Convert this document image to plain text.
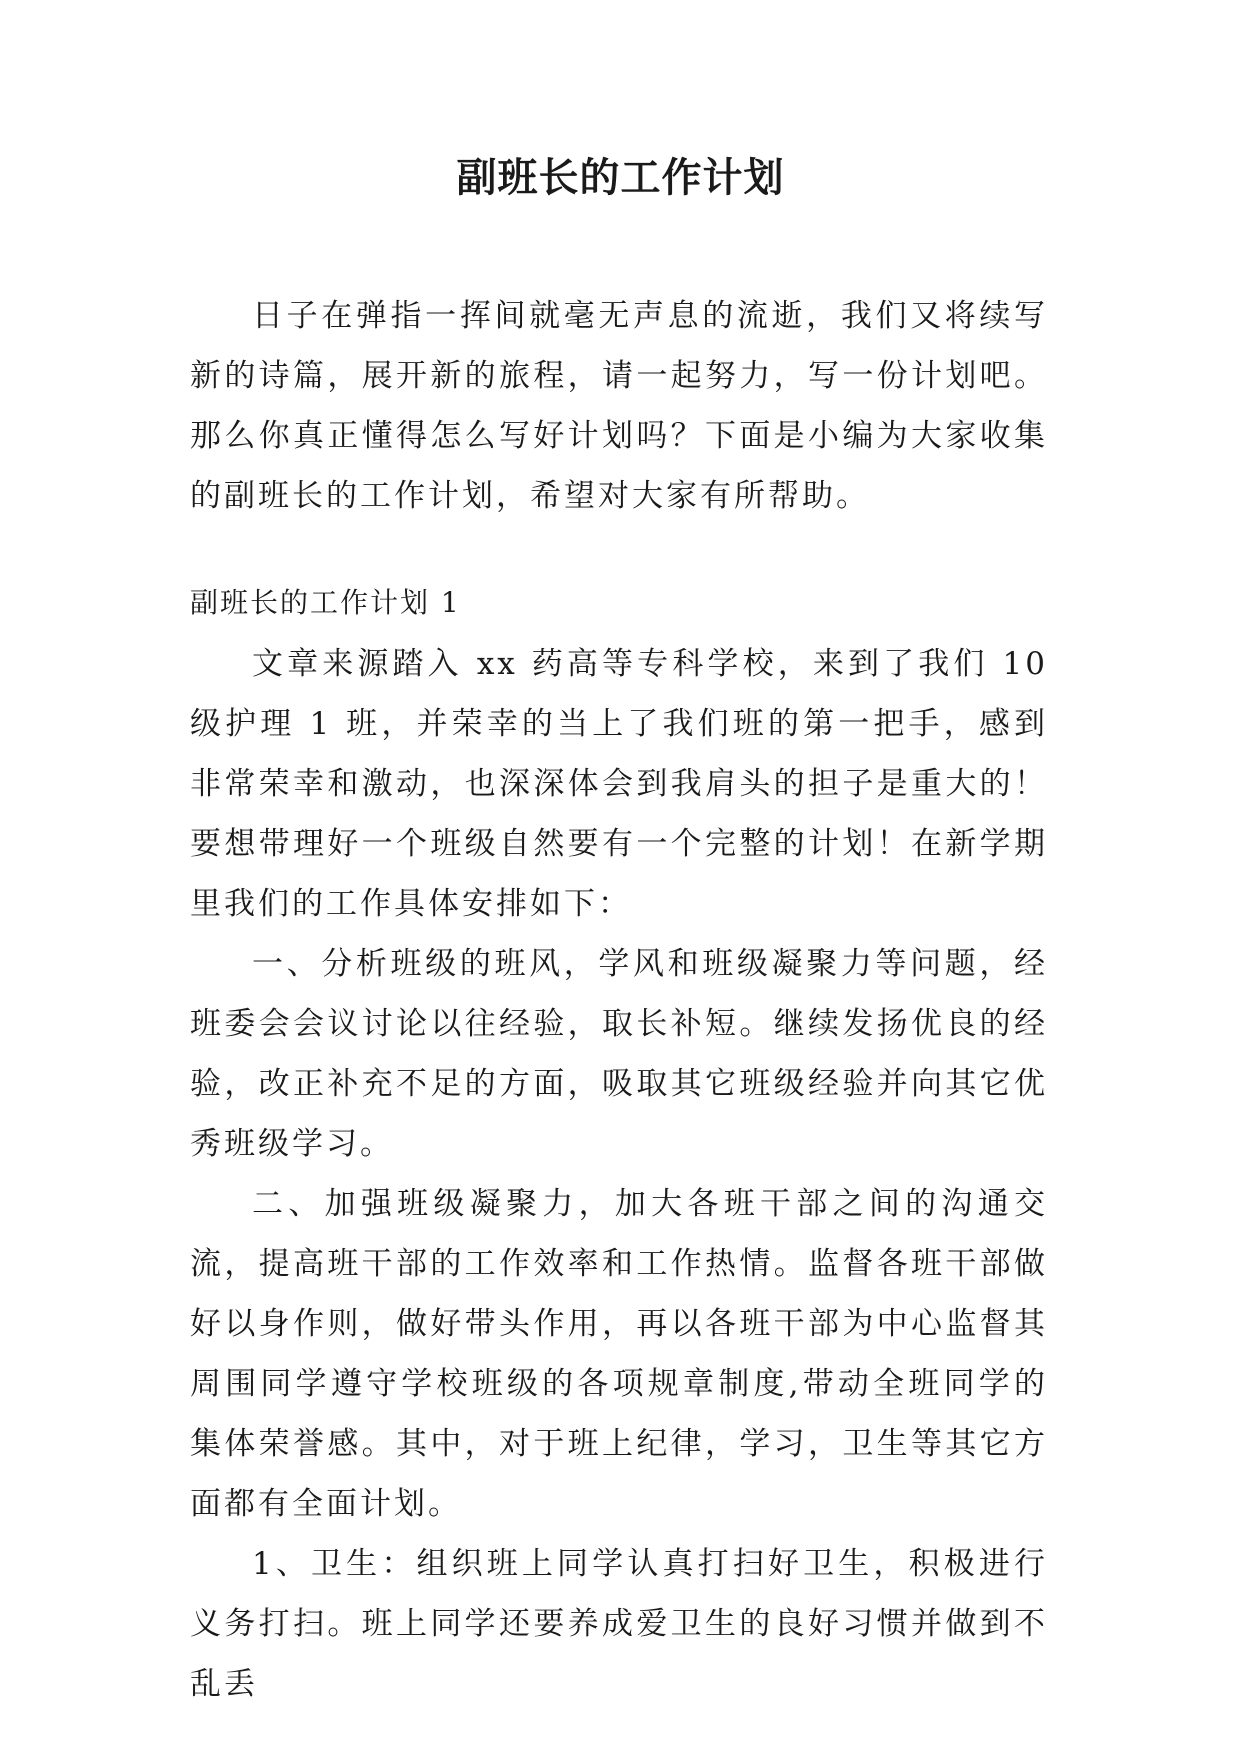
副班长的工作计划

日子在弹指一挥间就毫无声息的流逝，我们又将续写新的诗篇，展开新的旅程，请一起努力，写一份计划吧。那么你真正懂得怎么写好计划吗？下面是小编为大家收集的副班长的工作计划，希望对大家有所帮助。

副班长的工作计划 1

文章来源踏入 xx 药高等专科学校，来到了我们 10 级护理 1 班，并荣幸的当上了我们班的第一把手，感到非常荣幸和激动，也深深体会到我肩头的担子是重大的！要想带理好一个班级自然要有一个完整的计划！在新学期里我们的工作具体安排如下：

一、分析班级的班风，学风和班级凝聚力等问题，经班委会会议讨论以往经验，取长补短。继续发扬优良的经验，改正补充不足的方面，吸取其它班级经验并向其它优秀班级学习。

二、加强班级凝聚力，加大各班干部之间的沟通交流，提高班干部的工作效率和工作热情。监督各班干部做好以身作则，做好带头作用，再以各班干部为中心监督其周围同学遵守学校班级的各项规章制度,带动全班同学的集体荣誉感。其中，对于班上纪律，学习，卫生等其它方面都有全面计划。

1、卫生：组织班上同学认真打扫好卫生，积极进行义务打扫。班上同学还要养成爱卫生的良好习惯并做到不乱丢
